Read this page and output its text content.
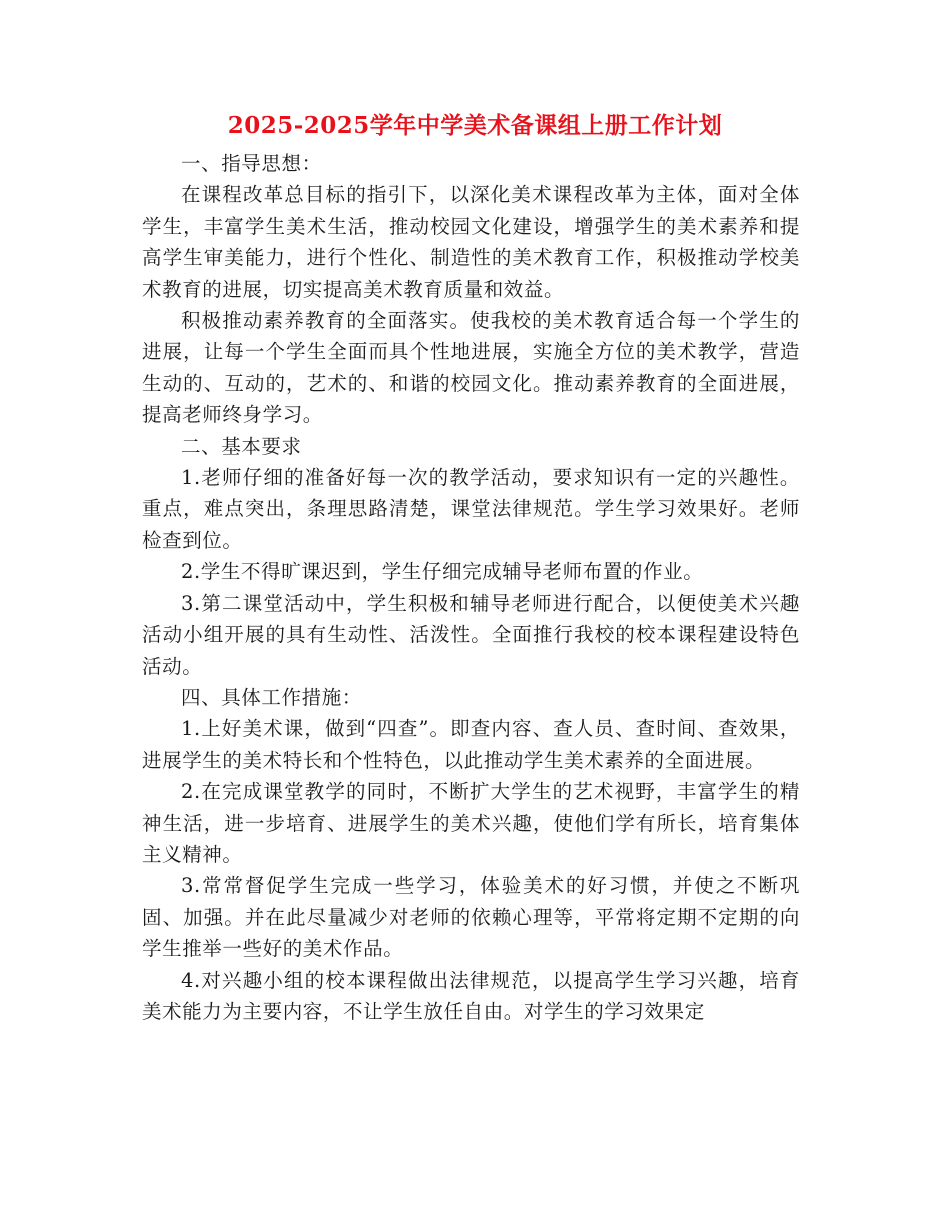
2025-2025学年中学美术备课组上册工作计划

一、指导思想：

在课程改革总目标的指引下，以深化美术课程改革为主体，面对全体学生，丰富学生美术生活，推动校园文化建设，增强学生的美术素养和提高学生审美能力，进行个性化、制造性的美术教育工作，积极推动学校美术教育的进展，切实提高美术教育质量和效益。

积极推动素养教育的全面落实。使我校的美术教育适合每一个学生的进展，让每一个学生全面而具个性地进展，实施全方位的美术教学，营造生动的、互动的，艺术的、和谐的校园文化。推动素养教育的全面进展，提高老师终身学习。

二、基本要求

1.老师仔细的准备好每一次的教学活动，要求知识有一定的兴趣性。重点，难点突出，条理思路清楚，课堂法律规范。学生学习效果好。老师检查到位。

2.学生不得旷课迟到，学生仔细完成辅导老师布置的作业。

3.第二课堂活动中，学生积极和辅导老师进行配合，以便使美术兴趣活动小组开展的具有生动性、活泼性。全面推行我校的校本课程建设特色活动。

四、具体工作措施：

1.上好美术课，做到“四查”。即查内容、查人员、查时间、查效果，进展学生的美术特长和个性特色，以此推动学生美术素养的全面进展。

2.在完成课堂教学的同时，不断扩大学生的艺术视野，丰富学生的精神生活，进一步培育、进展学生的美术兴趣，使他们学有所长，培育集体主义精神。

3.常常督促学生完成一些学习，体验美术的好习惯，并使之不断巩固、加强。并在此尽量减少对老师的依赖心理等，平常将定期不定期的向学生推举一些好的美术作品。

4.对兴趣小组的校本课程做出法律规范，以提高学生学习兴趣，培育美术能力为主要内容，不让学生放任自由。对学生的学习效果定
